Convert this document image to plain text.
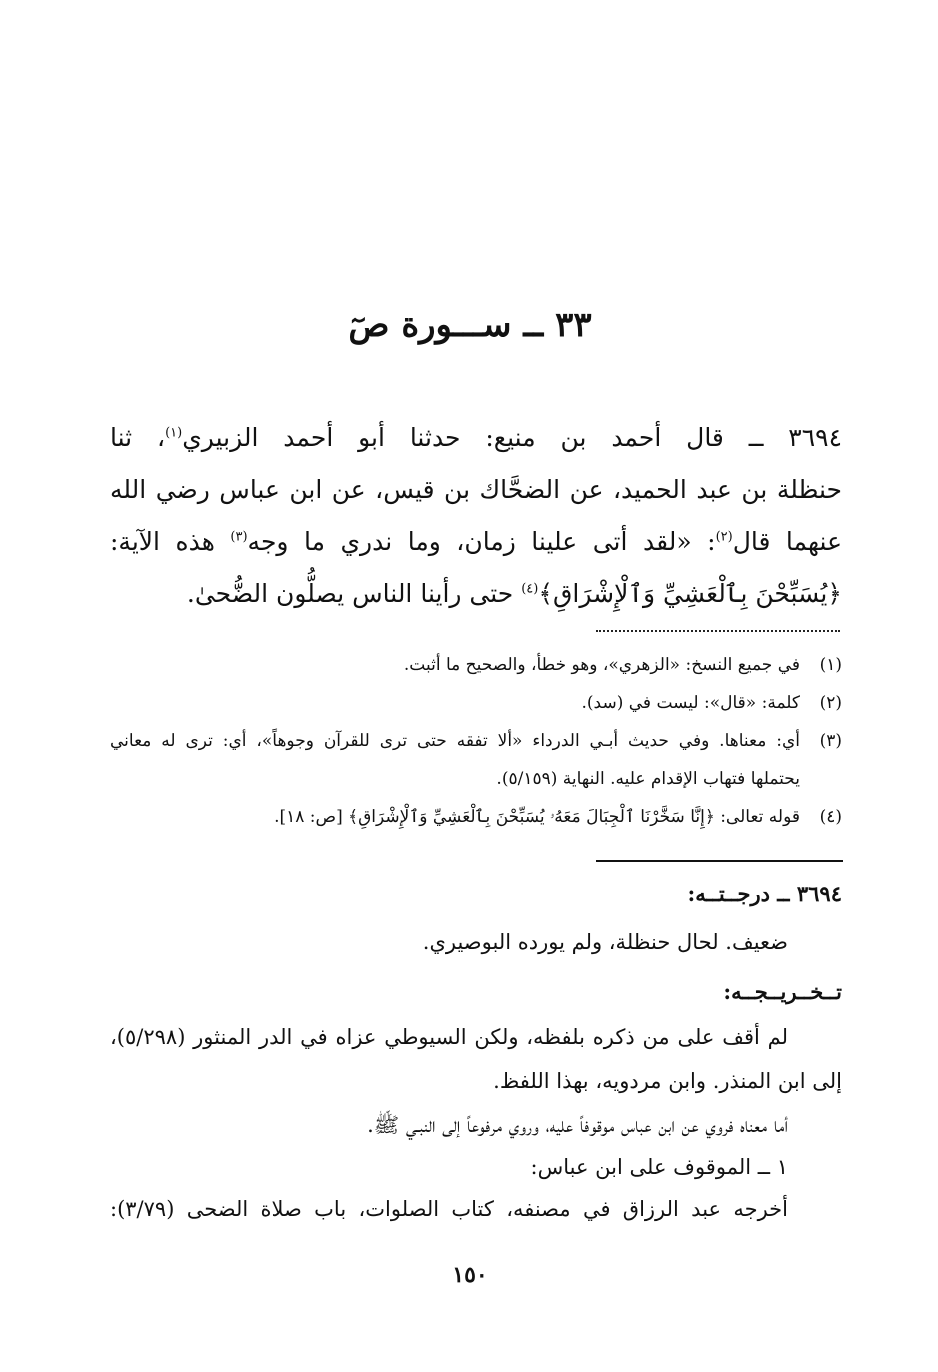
٣٣ ــ ســـورة صٓ
٣٦٩٤ ــ قال أحمد بن منيع: حدثنا أبو أحمد الزبيري$^{(١)}$، ثنا
حنظلة بن عبد الحميد، عن الضحَّاك بن قيس، عن ابن عباس رضي الله
عنهما قال$^{(٢)}$: «لقد أتى علينا زمان، وما ندري ما وجه$^{(٣)}$ هذه الآية:
﴿يُسَبِّحْنَ بِٱلْعَشِيِّ وَٱلْإِشْرَاقِ﴾$^{(٤)}$ حتى رأينا الناس يصلُّون الضُّحىٰ.
(١)في جميع النسخ: «الزهري»، وهو خطأ، والصحيح ما أثبت.
(٢)كلمة: «قال»: ليست في (سد).
(٣)أي: معناها. وفي حديث أبـي الدرداء «ألا تفقه حتى ترى للقرآن وجوهاً»، أي: ترى له معاني
يحتملها فتهاب الإقدام عليه. النهاية (٥/١٥٩).
(٤)قوله تعالى: ﴿إِنَّا سَخَّرْنَا ٱلْجِبَالَ مَعَهُۥ يُسَبِّحْنَ بِٱلْعَشِيِّ وَٱلْإِشْرَاقِ﴾ [ص: ١٨].
٣٦٩٤ ــ درجــتــه:
ضعيف. لحال حنظلة، ولم يورده البوصيري.
تــخــريــجــه:
لم أقف على من ذكره بلفظه، ولكن السيوطي عزاه في الدر المنثور (٥/٢٩٨)،
إلى ابن المنذر. وابن مردويه، بهذا اللفظ.
أما معناه فروي عن ابن عباس موقوفاً عليه، وروي مرفوعاً إلى النبـي ﷺ.
١ ــ الموقوف على ابن عباس:
أخرجه عبد الرزاق في مصنفه، كتاب الصلوات، باب صلاة الضحى (٣/٧٩):
١٥٠
